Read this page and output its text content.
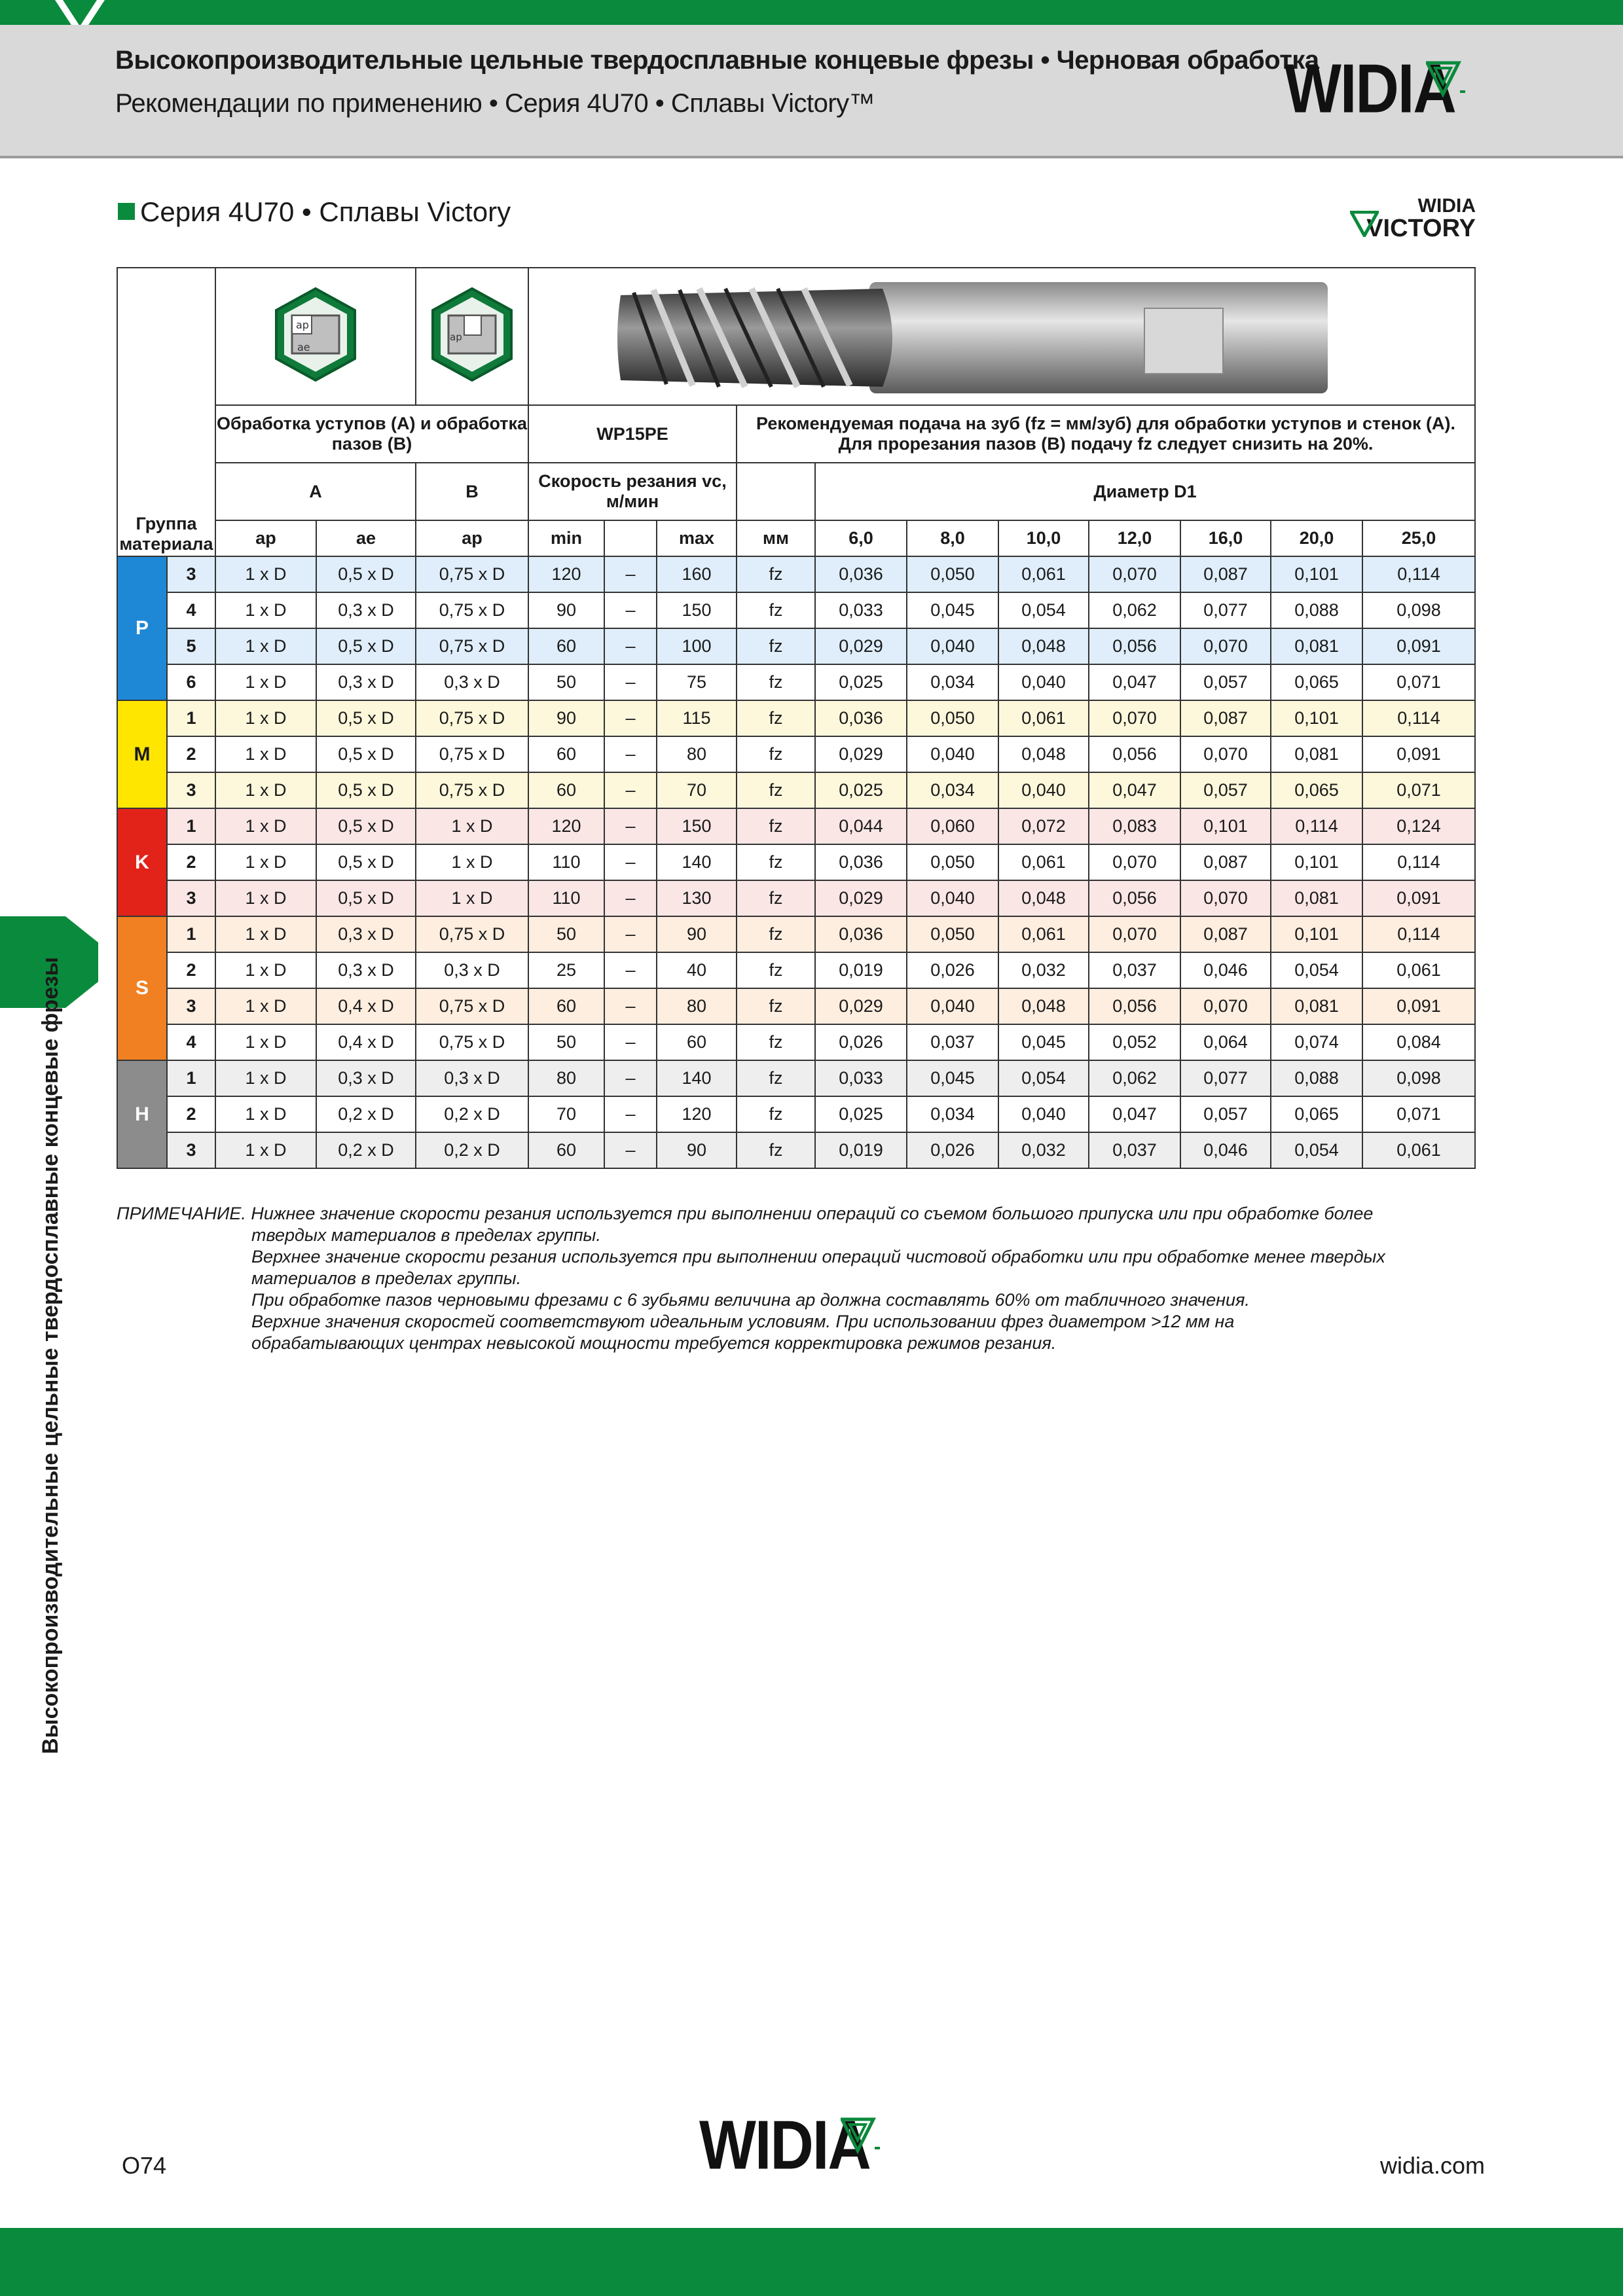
Высокопроизводительные цельные твердосплавные концевые фрезы • Черновая обработка
Рекомендации по применению • Серия 4U70 • Сплавы Victory™	WIDIA
Серия 4U70 • Сплавы Victory	WIDIA
VICTORY
Группа материала		ap
ae		ap

		Обработка уступов (A) и обработка пазов (B)			WP15PE			Рекомендуемая подача на зуб (fz = мм/зуб) для обработки уступов и стенок (A). Для прорезания пазов (B) подачу fz следует снизить на 20%.							
		A		B	Скорость резания vc, м/мин				Диаметр D1						
		ap	ae	ap	min		max	мм	6,0	8,0	10,0	12,0	16,0	20,0	25,0
P	3	1 x D	0,5 x D	0,75 x D	120	–	160	fz	0,036	0,050	0,061	0,070	0,087	0,101	0,114
	4	1 x D	0,3 x D	0,75 x D	90	–	150	fz	0,033	0,045	0,054	0,062	0,077	0,088	0,098
	5	1 x D	0,5 x D	0,75 x D	60	–	100	fz	0,029	0,040	0,048	0,056	0,070	0,081	0,091
	6	1 x D	0,3 x D	0,3 x D	50	–	75	fz	0,025	0,034	0,040	0,047	0,057	0,065	0,071
M	1	1 x D	0,5 x D	0,75 x D	90	–	115	fz	0,036	0,050	0,061	0,070	0,087	0,101	0,114
	2	1 x D	0,5 x D	0,75 x D	60	–	80	fz	0,029	0,040	0,048	0,056	0,070	0,081	0,091
	3	1 x D	0,5 x D	0,75 x D	60	–	70	fz	0,025	0,034	0,040	0,047	0,057	0,065	0,071
K	1	1 x D	0,5 x D	1 x D	120	–	150	fz	0,044	0,060	0,072	0,083	0,101	0,114	0,124
	2	1 x D	0,5 x D	1 x D	110	–	140	fz	0,036	0,050	0,061	0,070	0,087	0,101	0,114
	3	1 x D	0,5 x D	1 x D	110	–	130	fz	0,029	0,040	0,048	0,056	0,070	0,081	0,091
S	1	1 x D	0,3 x D	0,75 x D	50	–	90	fz	0,036	0,050	0,061	0,070	0,087	0,101	0,114
	2	1 x D	0,3 x D	0,3 x D	25	–	40	fz	0,019	0,026	0,032	0,037	0,046	0,054	0,061
	3	1 x D	0,4 x D	0,75 x D	60	–	80	fz	0,029	0,040	0,048	0,056	0,070	0,081	0,091
	4	1 x D	0,4 x D	0,75 x D	50	–	60	fz	0,026	0,037	0,045	0,052	0,064	0,074	0,084
H	1	1 x D	0,3 x D	0,3 x D	80	–	140	fz	0,033	0,045	0,054	0,062	0,077	0,088	0,098
	2	1 x D	0,2 x D	0,2 x D	70	–	120	fz	0,025	0,034	0,040	0,047	0,057	0,065	0,071
	3	1 x D	0,2 x D	0,2 x D	60	–	90	fz	0,019	0,026	0,032	0,037	0,046	0,054	0,061
ПРИМЕЧАНИЕ. Нижнее значение скорости резания используется при выполнении операций со съемом большого припуска или при обработке более

твердых материалов в пределах группы.
Верхнее значение скорости резания используется при выполнении операций чистовой обработки или при обработке менее твердых
материалов в пределах группы.
При обработке пазов черновыми фрезами с 6 зубьями величина ap должна составлять 60% от табличного значения.
Верхние значения скоростей соответствуют идеальным условиям. При использовании фрез диаметром >12 мм на
обрабатывающих центрах невысокой мощности требуется корректировка режимов резания.
Высокопроизводительные цельные твердосплавные концевые фрезы
O74	WIDIA	widia.com
